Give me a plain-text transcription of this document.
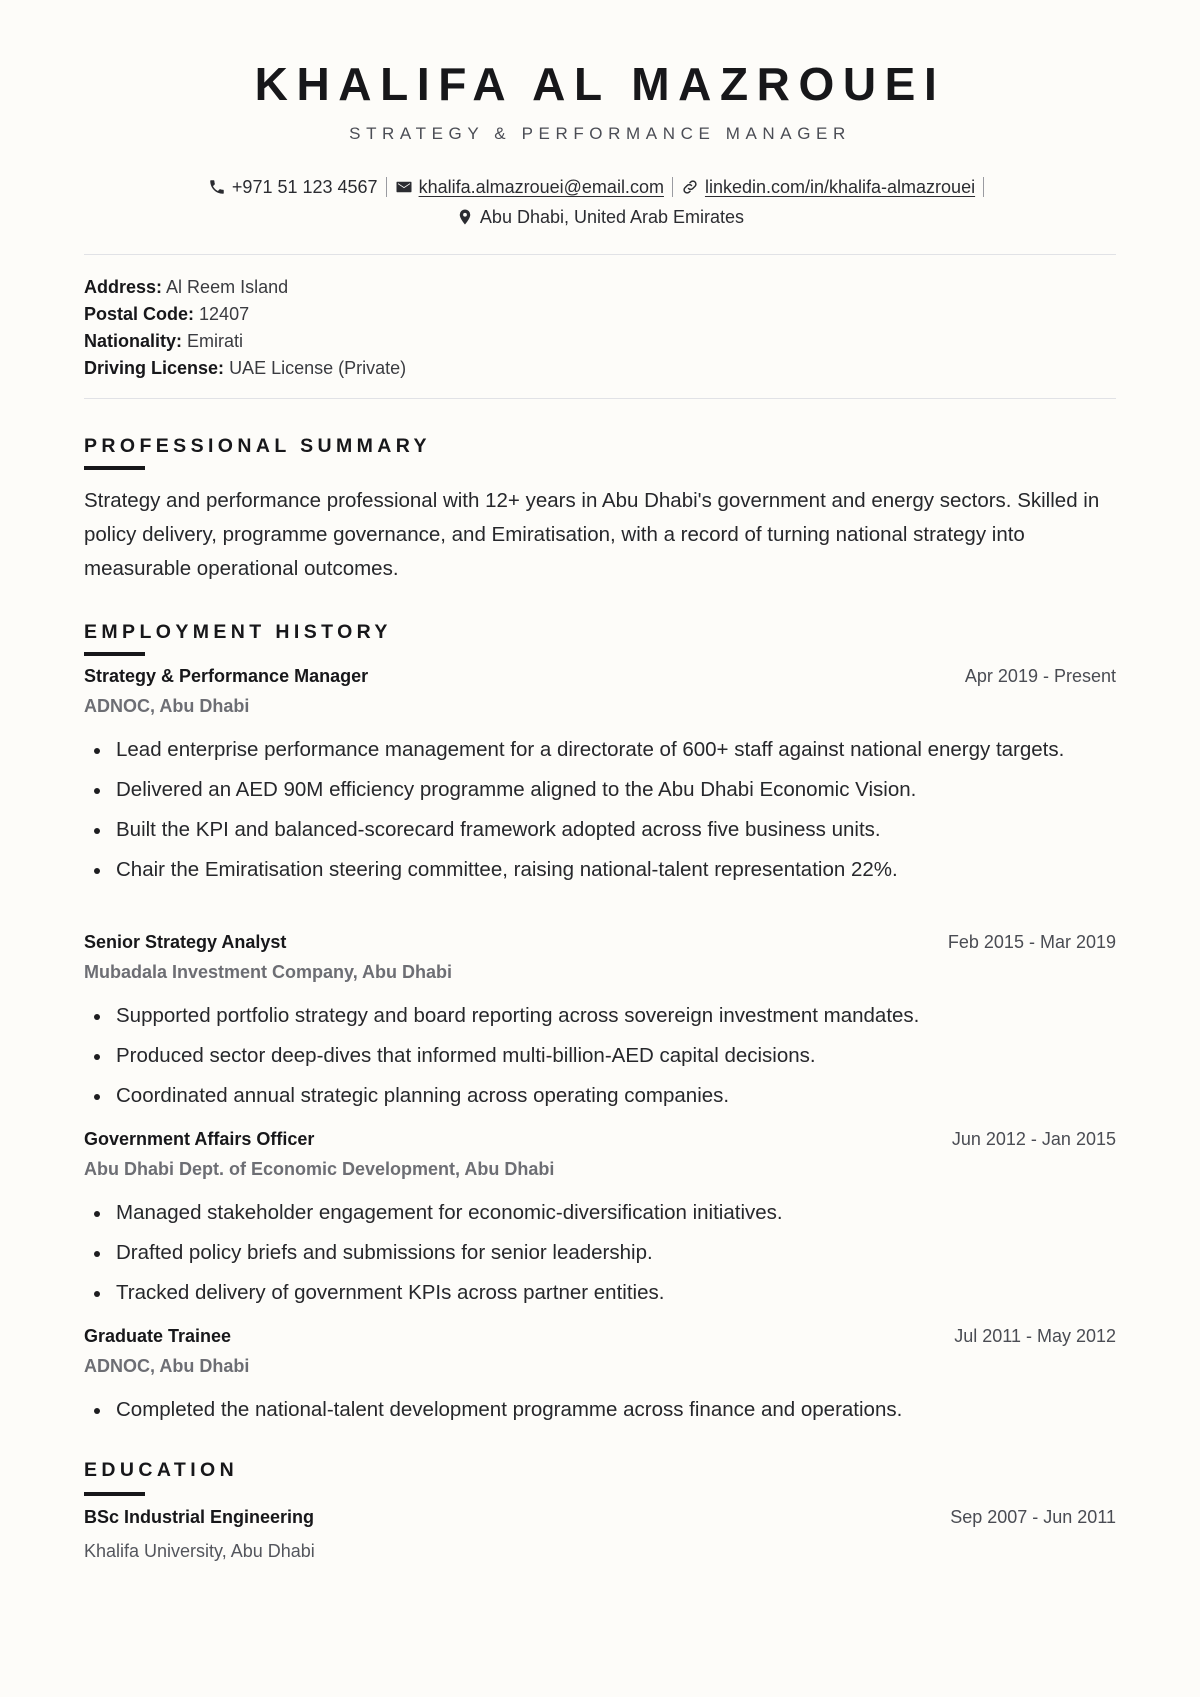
KHALIFA AL MAZROUEI
STRATEGY & PERFORMANCE MANAGER
+971 51 123 4567 khalifa.almazrouei@email.com linkedin.com/in/khalifa-almazrouei
Abu Dhabi, United Arab Emirates
Address: Al Reem Island
Postal Code: 12407
Nationality: Emirati
Driving License: UAE License (Private)
PROFESSIONAL SUMMARY

Strategy and performance professional with 12+ years in Abu Dhabi's government and energy sectors. Skilled in policy delivery, programme governance, and Emiratisation, with a record of turning national strategy into measurable operational outcomes.

EMPLOYMENT HISTORY
Strategy & Performance Manager	Apr 2019 - Present
ADNOC, Abu Dhabi
Lead enterprise performance management for a directorate of 600+ staff against national energy targets.
Delivered an AED 90M efficiency programme aligned to the Abu Dhabi Economic Vision.
Built the KPI and balanced-scorecard framework adopted across five business units.
Chair the Emiratisation steering committee, raising national-talent representation 22%.
Senior Strategy Analyst	Feb 2015 - Mar 2019
Mubadala Investment Company, Abu Dhabi
Supported portfolio strategy and board reporting across sovereign investment mandates.
Produced sector deep-dives that informed multi-billion-AED capital decisions.
Coordinated annual strategic planning across operating companies.
Government Affairs Officer	Jun 2012 - Jan 2015
Abu Dhabi Dept. of Economic Development, Abu Dhabi
Managed stakeholder engagement for economic-diversification initiatives.
Drafted policy briefs and submissions for senior leadership.
Tracked delivery of government KPIs across partner entities.
Graduate Trainee	Jul 2011 - May 2012
ADNOC, Abu Dhabi
Completed the national-talent development programme across finance and operations.
EDUCATION
BSc Industrial Engineering	Sep 2007 - Jun 2011
Khalifa University, Abu Dhabi
